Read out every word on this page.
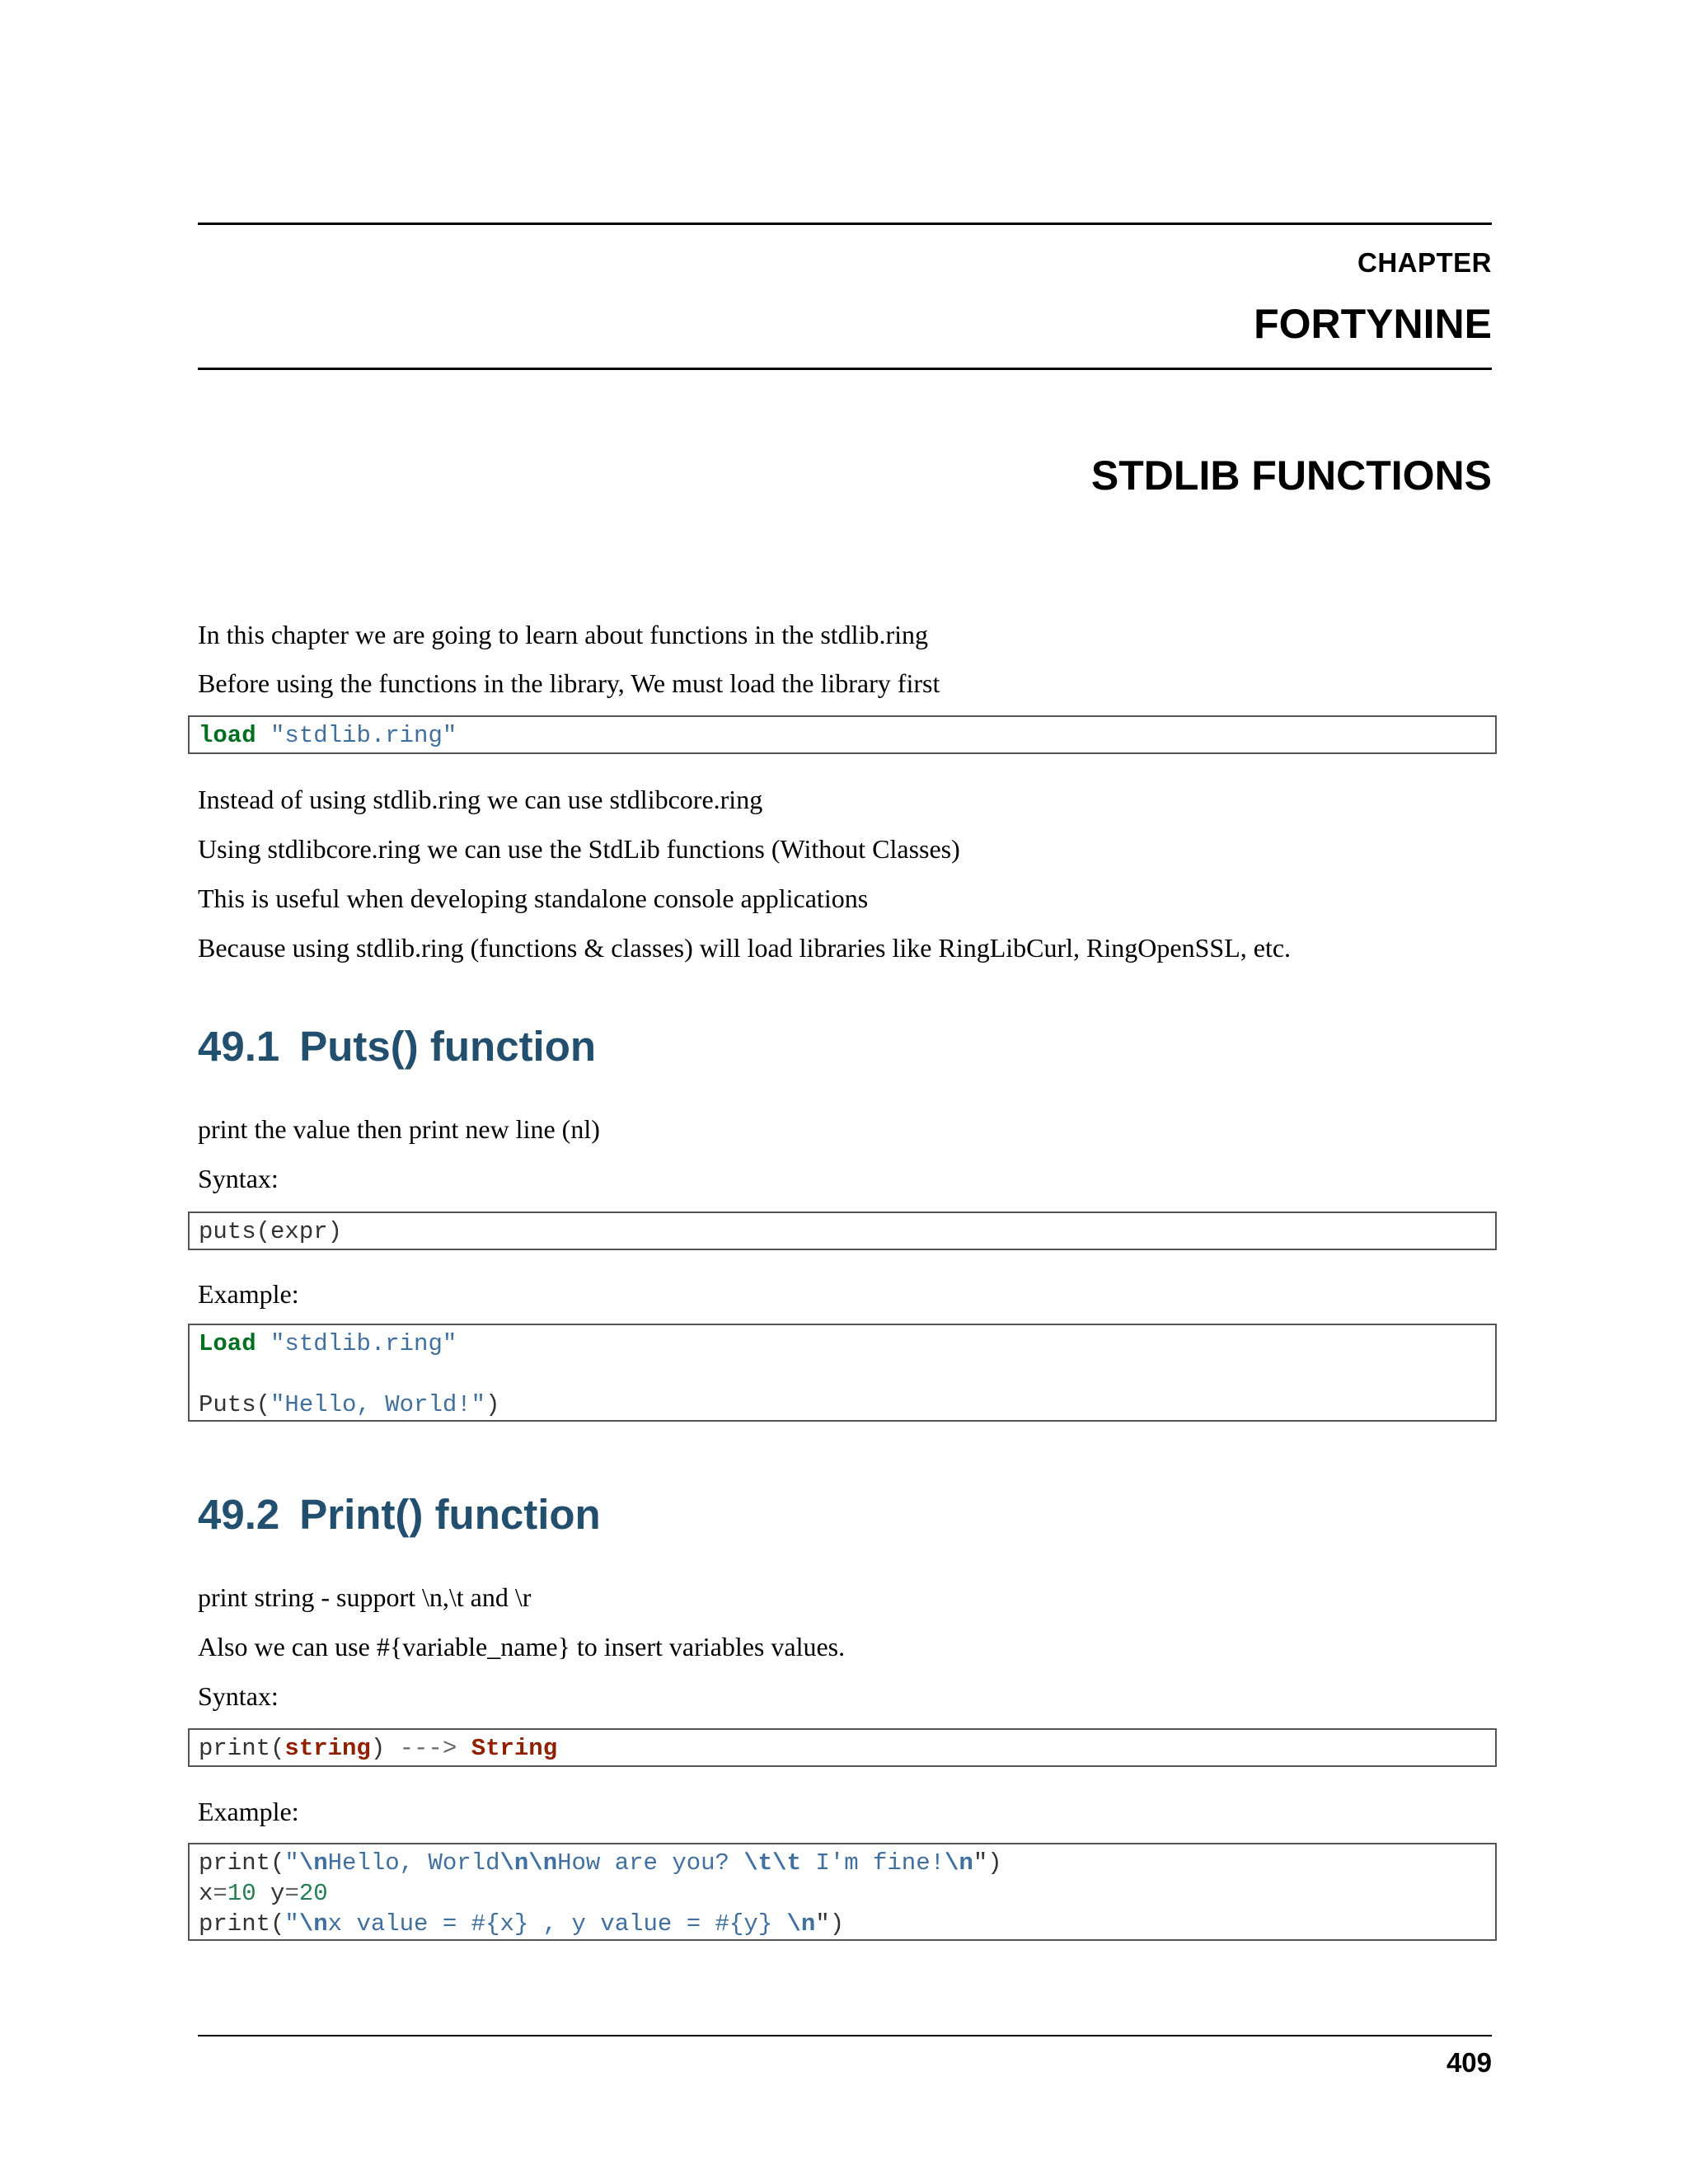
CHAPTER
FORTYNINE
STDLIB FUNCTIONS
In this chapter we are going to learn about functions in the stdlib.ring
Before using the functions in the library, We must load the library first
load "stdlib.ring"
Instead of using stdlib.ring we can use stdlibcore.ring
Using stdlibcore.ring we can use the StdLib functions (Without Classes)
This is useful when developing standalone console applications
Because using stdlib.ring (functions & classes) will load libraries like RingLibCurl, RingOpenSSL, etc.
49.1 Puts() function
print the value then print new line (nl)
Syntax:
puts(expr)
Example:
Load "stdlib.ring"
Puts("Hello, World!")
49.2 Print() function
print string - support \n,\t and \r
Also we can use #{variable_name} to insert variables values.
Syntax:
print(string) ---> String
Example:
print("\nHello, World\n\nHow are you? \t\t I'm fine!\n")
x=10 y=20
print("\nx value = #{x} , y value = #{y} \n")
409
